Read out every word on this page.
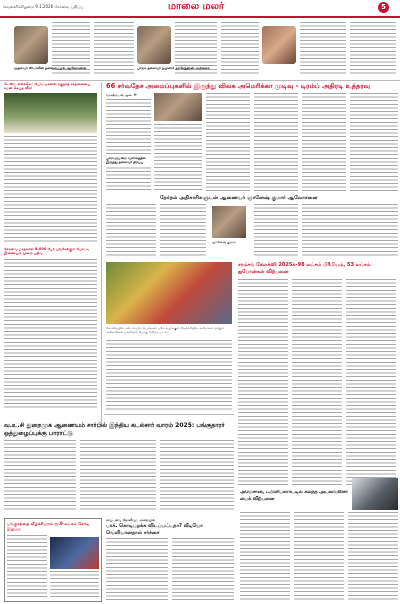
வெள்ளிக்கிழமை 9.1.2026 கோவை பதிப்பு	மாலை மலர்	5
முதல்வர் ஸ்டாலின் தலைமையில் ஆலோசனை	பாஜக தலைவர் நயினார் நாகேந்திரன் அறிக்கை
டெஸ்ட் கிரிக்கெட் போட்டிகளில் ரகுநாத் சாதனையை சமன் செய்த வீரர்
கோவை மாநகரில் 8,000 பேர் பங்கேற்கும் போட்டி இணையம் மூலம் பதிவு
66 சர்வதேச அமைப்புகளில் இருந்து விலக அமெரிக்கா முடிவு - டிரம்ப் அதிரடி உத்தரவு
வாஷிங்டன், ஜன. 9-
பாராளுமன்ற வளாகத்தில் இருந்து தலைவர் திறப்பு
தேர்தல் அதிகாரிகளுடன் ஆணையர் ஞானேஷ் குமார் ஆலோசனை
ஞானேஷ் குமார்
கோவையில் நடைபெற்ற பொங்கல் பரிசு வழங்கும் நிகழ்ச்சியில் அமைச்சர் மற்றும் அதிகாரிகள் பங்கேற்ற போது எடுத்த படம்.
சாம்சங் கேலக்ஸி 2025க்-98 லட்சம் பிரீமியம், 53 லட்சம் ஐபோன்கள் விற்பனை
வ.உ.சி துறைமுக ஆணையம் சார்பில் இந்திய கடல்சார் வாரம் 2025: பங்குதாரர் ஒத்துழைப்புக்கு பாராட்டு
அமேசான், ஃபிளிப்கார்ட்டில் கலந்த அட்வைஸ்சர் பைக் விற்பனை
பங்குசந்தை வீழ்ச்சியால் ரூ.9 லட்சம் கோடி இழப்பு
சாப்டவை கோலிவுட் அறையில்
பாக். கொடிபறக்க விடப்பட்டதா? வீடியோ வெளியானதால் சர்ச்சை
